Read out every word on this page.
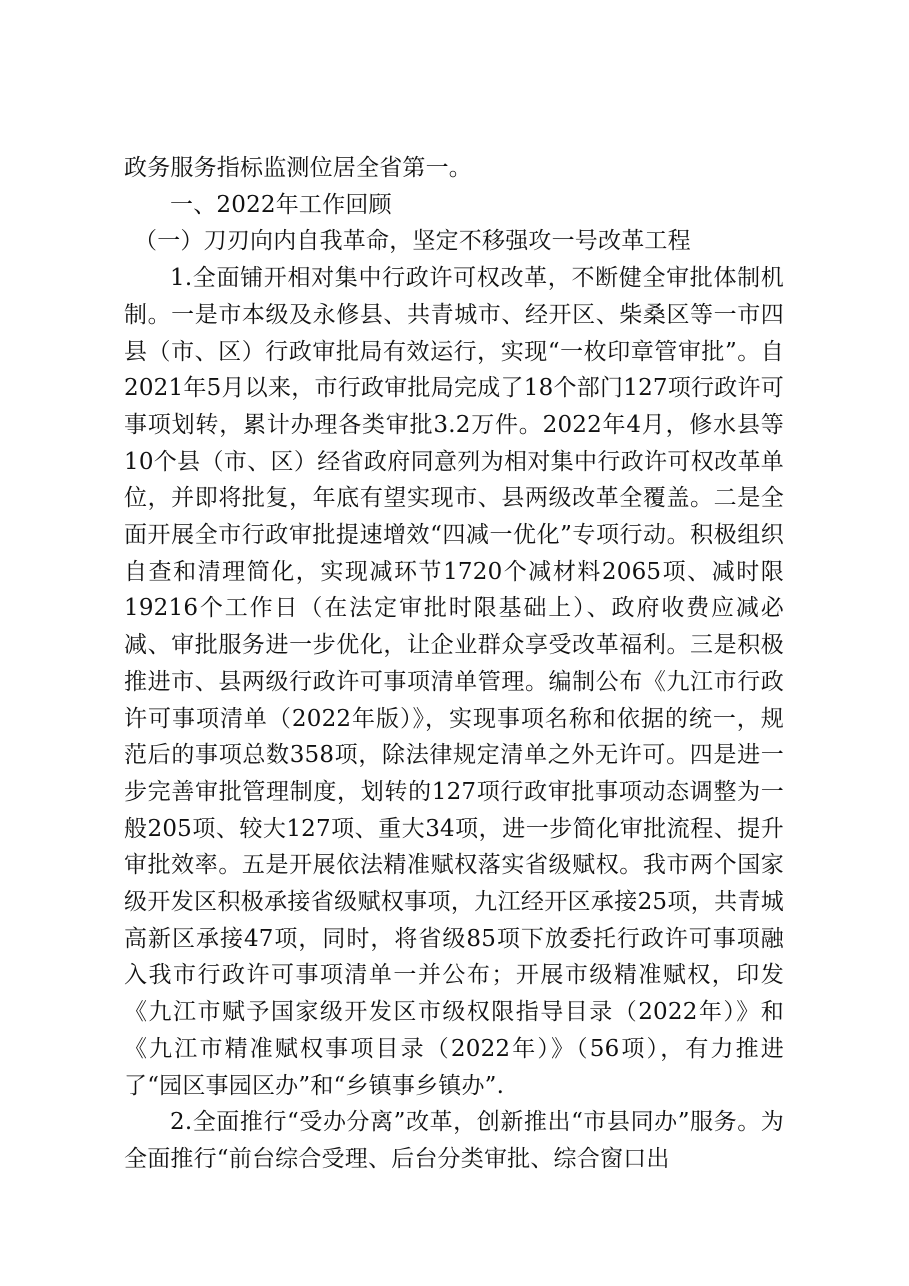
政务服务指标监测位居全省第一。

一、2022年工作回顾

（一）刀刃向内自我革命，坚定不移强攻一号改革工程

1.全面铺开相对集中行政许可权改革，不断健全审批体制机制。一是市本级及永修县、共青城市、经开区、柴桑区等一市四县（市、区）行政审批局有效运行，实现“一枚印章管审批”。自2021年5月以来，市行政审批局完成了18个部门127项行政许可事项划转，累计办理各类审批3.2万件。2022年4月，修水县等10个县（市、区）经省政府同意列为相对集中行政许可权改革单位，并即将批复，年底有望实现市、县两级改革全覆盖。二是全面开展全市行政审批提速增效“四减一优化”专项行动。积极组织自查和清理简化，实现减环节1720个减材料2065项、减时限19216个工作日（在法定审批时限基础上）、政府收费应减必减、审批服务进一步优化，让企业群众享受改革福利。三是积极推进市、县两级行政许可事项清单管理。编制公布《九江市行政许可事项清单（2022年版）》，实现事项名称和依据的统一，规范后的事项总数358项，除法律规定清单之外无许可。四是进一步完善审批管理制度，划转的127项行政审批事项动态调整为一般205项、较大127项、重大34项，进一步简化审批流程、提升审批效率。五是开展依法精准赋权落实省级赋权。我市两个国家级开发区积极承接省级赋权事项，九江经开区承接25项，共青城高新区承接47项，同时，将省级85项下放委托行政许可事项融入我市行政许可事项清单一并公布；开展市级精准赋权，印发《九江市赋予国家级开发区市级权限指导目录（2022年）》和《九江市精准赋权事项目录（2022年）》（56项），有力推进了“园区事园区办”和“乡镇事乡镇办”.

2.全面推行“受办分离”改革，创新推出“市县同办”服务。为全面推行“前台综合受理、后台分类审批、综合窗口出
